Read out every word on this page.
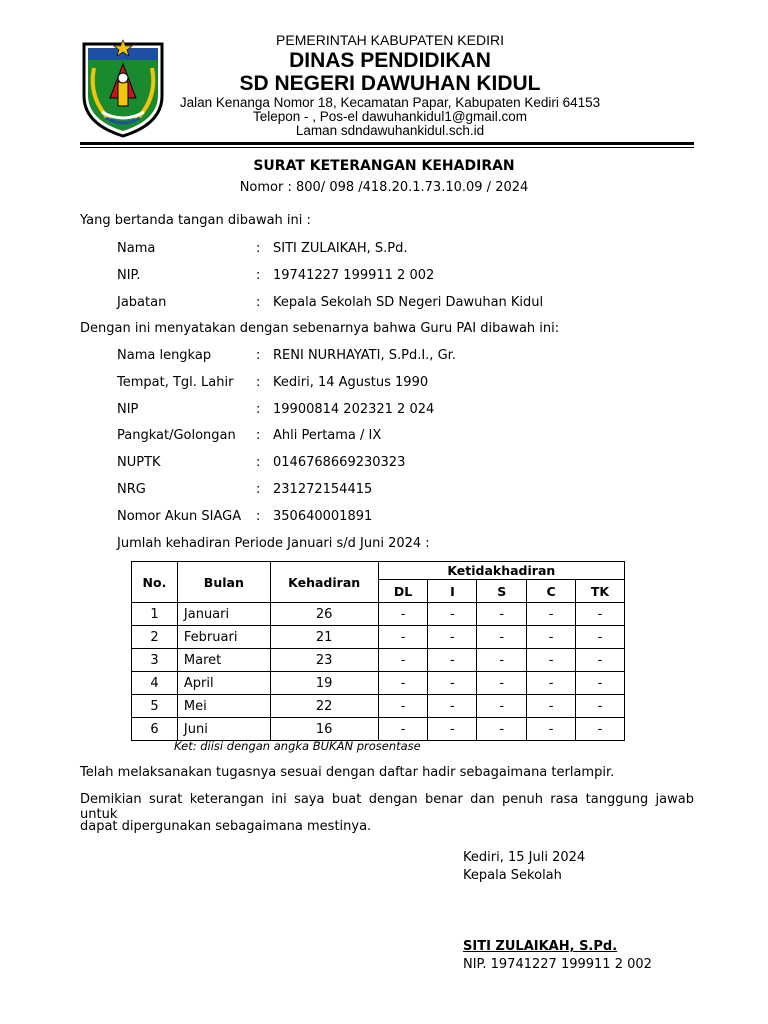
PEMERINTAH KABUPATEN KEDIRI
DINAS PENDIDIKAN
SD NEGERI DAWUHAN KIDUL
Jalan Kenanga Nomor 18, Kecamatan Papar, Kabupaten Kediri 64153
Telepon - , Pos-el dawuhankidul1@gmail.com
Laman sdndawuhankidul.sch.id
SURAT KETERANGAN KEHADIRAN
Nomor : 800/ 098 /418.20.1.73.10.09 / 2024
Yang bertanda tangan dibawah ini :
Nama	: SITI ZULAIKAH, S.Pd.
NIP.	: 19741227 199911 2 002
Jabatan	: Kepala Sekolah SD Negeri Dawuhan Kidul
Dengan ini menyatakan dengan sebenarnya bahwa Guru PAI dibawah ini:
Nama lengkap	: RENI NURHAYATI, S.Pd.I., Gr.
Tempat, Tgl. Lahir : Kediri, 14 Agustus 1990
NIP	: 19900814 202321 2 024
Pangkat/Golongan : Ahli Pertama / IX
NUPTK	: 0146768669230323
NRG	: 231272154415
Nomor Akun SIAGA : 350640001891
Jumlah kehadiran Periode Januari s/d Juni 2024 :
No.	Bulan	Kehadiran	Ketidakhadiran				
			DL	I	S	C	TK
1	Januari	26	-	-	-	-	-
2	Februari	21	-	-	-	-	-
3	Maret	23	-	-	-	-	-
4	April	19	-	-	-	-	-
5	Mei	22	-	-	-	-	-
6	Juni	16	-	-	-	-	-
Ket: diisi dengan angka BUKAN prosentase
Telah melaksanakan tugasnya sesuai dengan daftar hadir sebagaimana terlampir.
Demikian surat keterangan ini saya buat dengan benar dan penuh rasa tanggung jawab untuk
dapat dipergunakan sebagaimana mestinya.
Kediri, 15 Juli 2024
Kepala Sekolah
SITI ZULAIKAH, S.Pd.
NIP. 19741227 199911 2 002
